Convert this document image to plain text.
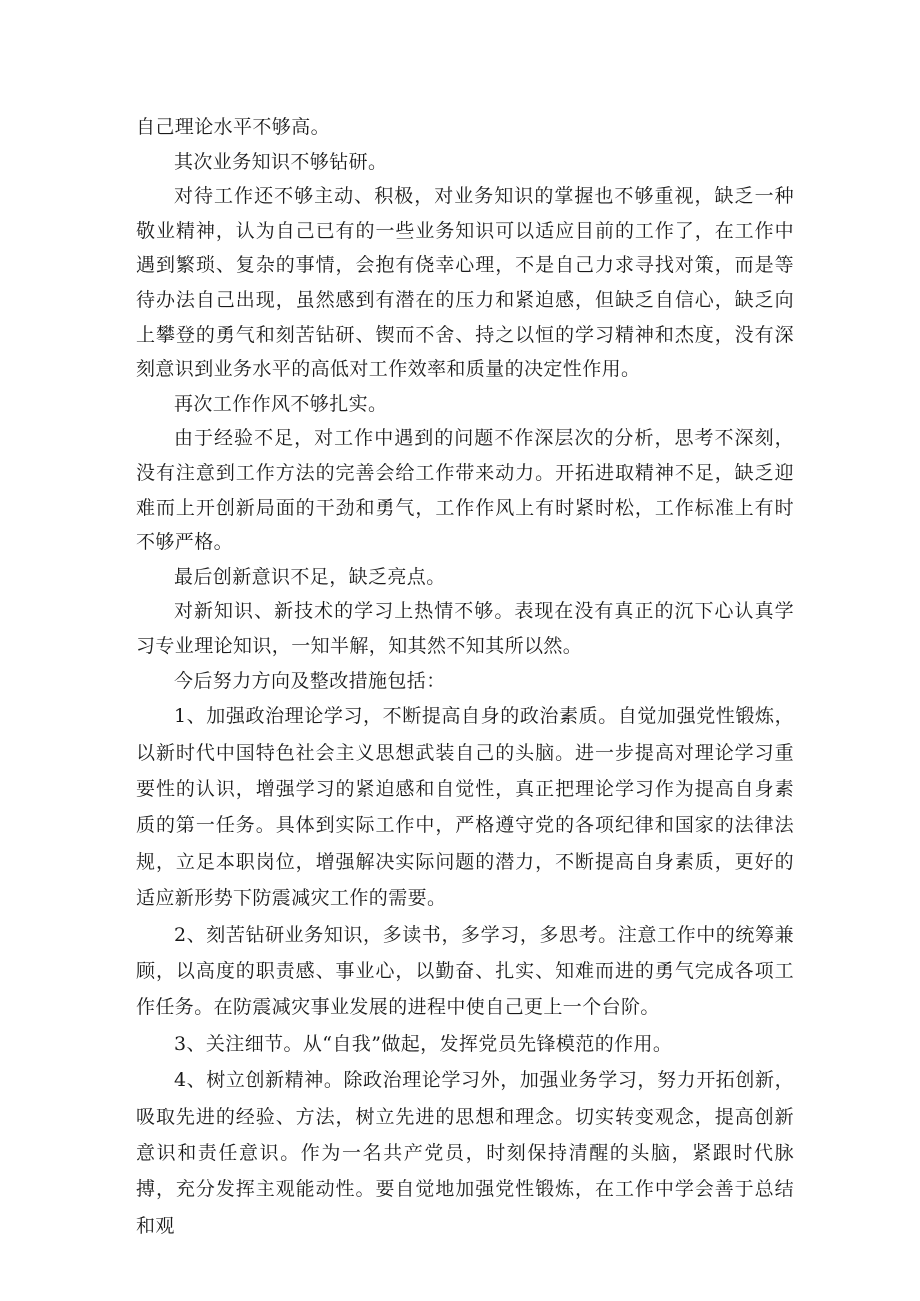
自己理论水平不够高。

其次业务知识不够钻研。

对待工作还不够主动、积极，对业务知识的掌握也不够重视，缺乏一种敬业精神，认为自己已有的一些业务知识可以适应目前的工作了，在工作中遇到繁琐、复杂的事情，会抱有侥幸心理，不是自己力求寻找对策，而是等待办法自己出现，虽然感到有潜在的压力和紧迫感，但缺乏自信心，缺乏向上攀登的勇气和刻苦钻研、锲而不舍、持之以恒的学习精神和杰度，没有深刻意识到业务水平的高低对工作效率和质量的决定性作用。

再次工作作风不够扎实。

由于经验不足，对工作中遇到的问题不作深层次的分析，思考不深刻，没有注意到工作方法的完善会给工作带来动力。开拓进取精神不足，缺乏迎难而上开创新局面的干劲和勇气，工作作风上有时紧时松，工作标准上有时不够严格。

最后创新意识不足，缺乏亮点。

对新知识、新技术的学习上热情不够。表现在没有真正的沉下心认真学习专业理论知识，一知半解，知其然不知其所以然。

今后努力方向及整改措施包括：

1、加强政治理论学习，不断提高自身的政治素质。自觉加强党性锻炼，以新时代中国特色社会主义思想武装自己的头脑。进一步提高对理论学习重要性的认识，增强学习的紧迫感和自觉性，真正把理论学习作为提高自身素质的第一任务。具体到实际工作中，严格遵守党的各项纪律和国家的法律法规，立足本职岗位，增强解决实际问题的潜力，不断提高自身素质，更好的适应新形势下防震减灾工作的需要。

2、刻苦钻研业务知识，多读书，多学习，多思考。注意工作中的统筹兼顾，以高度的职责感、事业心，以勤奋、扎实、知难而进的勇气完成各项工作任务。在防震减灾事业发展的进程中使自己更上一个台阶。

3、关注细节。从“自我”做起，发挥党员先锋模范的作用。

4、树立创新精神。除政治理论学习外，加强业务学习，努力开拓创新，吸取先进的经验、方法，树立先进的思想和理念。切实转变观念，提高创新意识和责任意识。作为一名共产党员，时刻保持清醒的头脑，紧跟时代脉搏，充分发挥主观能动性。要自觉地加强党性锻炼，在工作中学会善于总结和观
